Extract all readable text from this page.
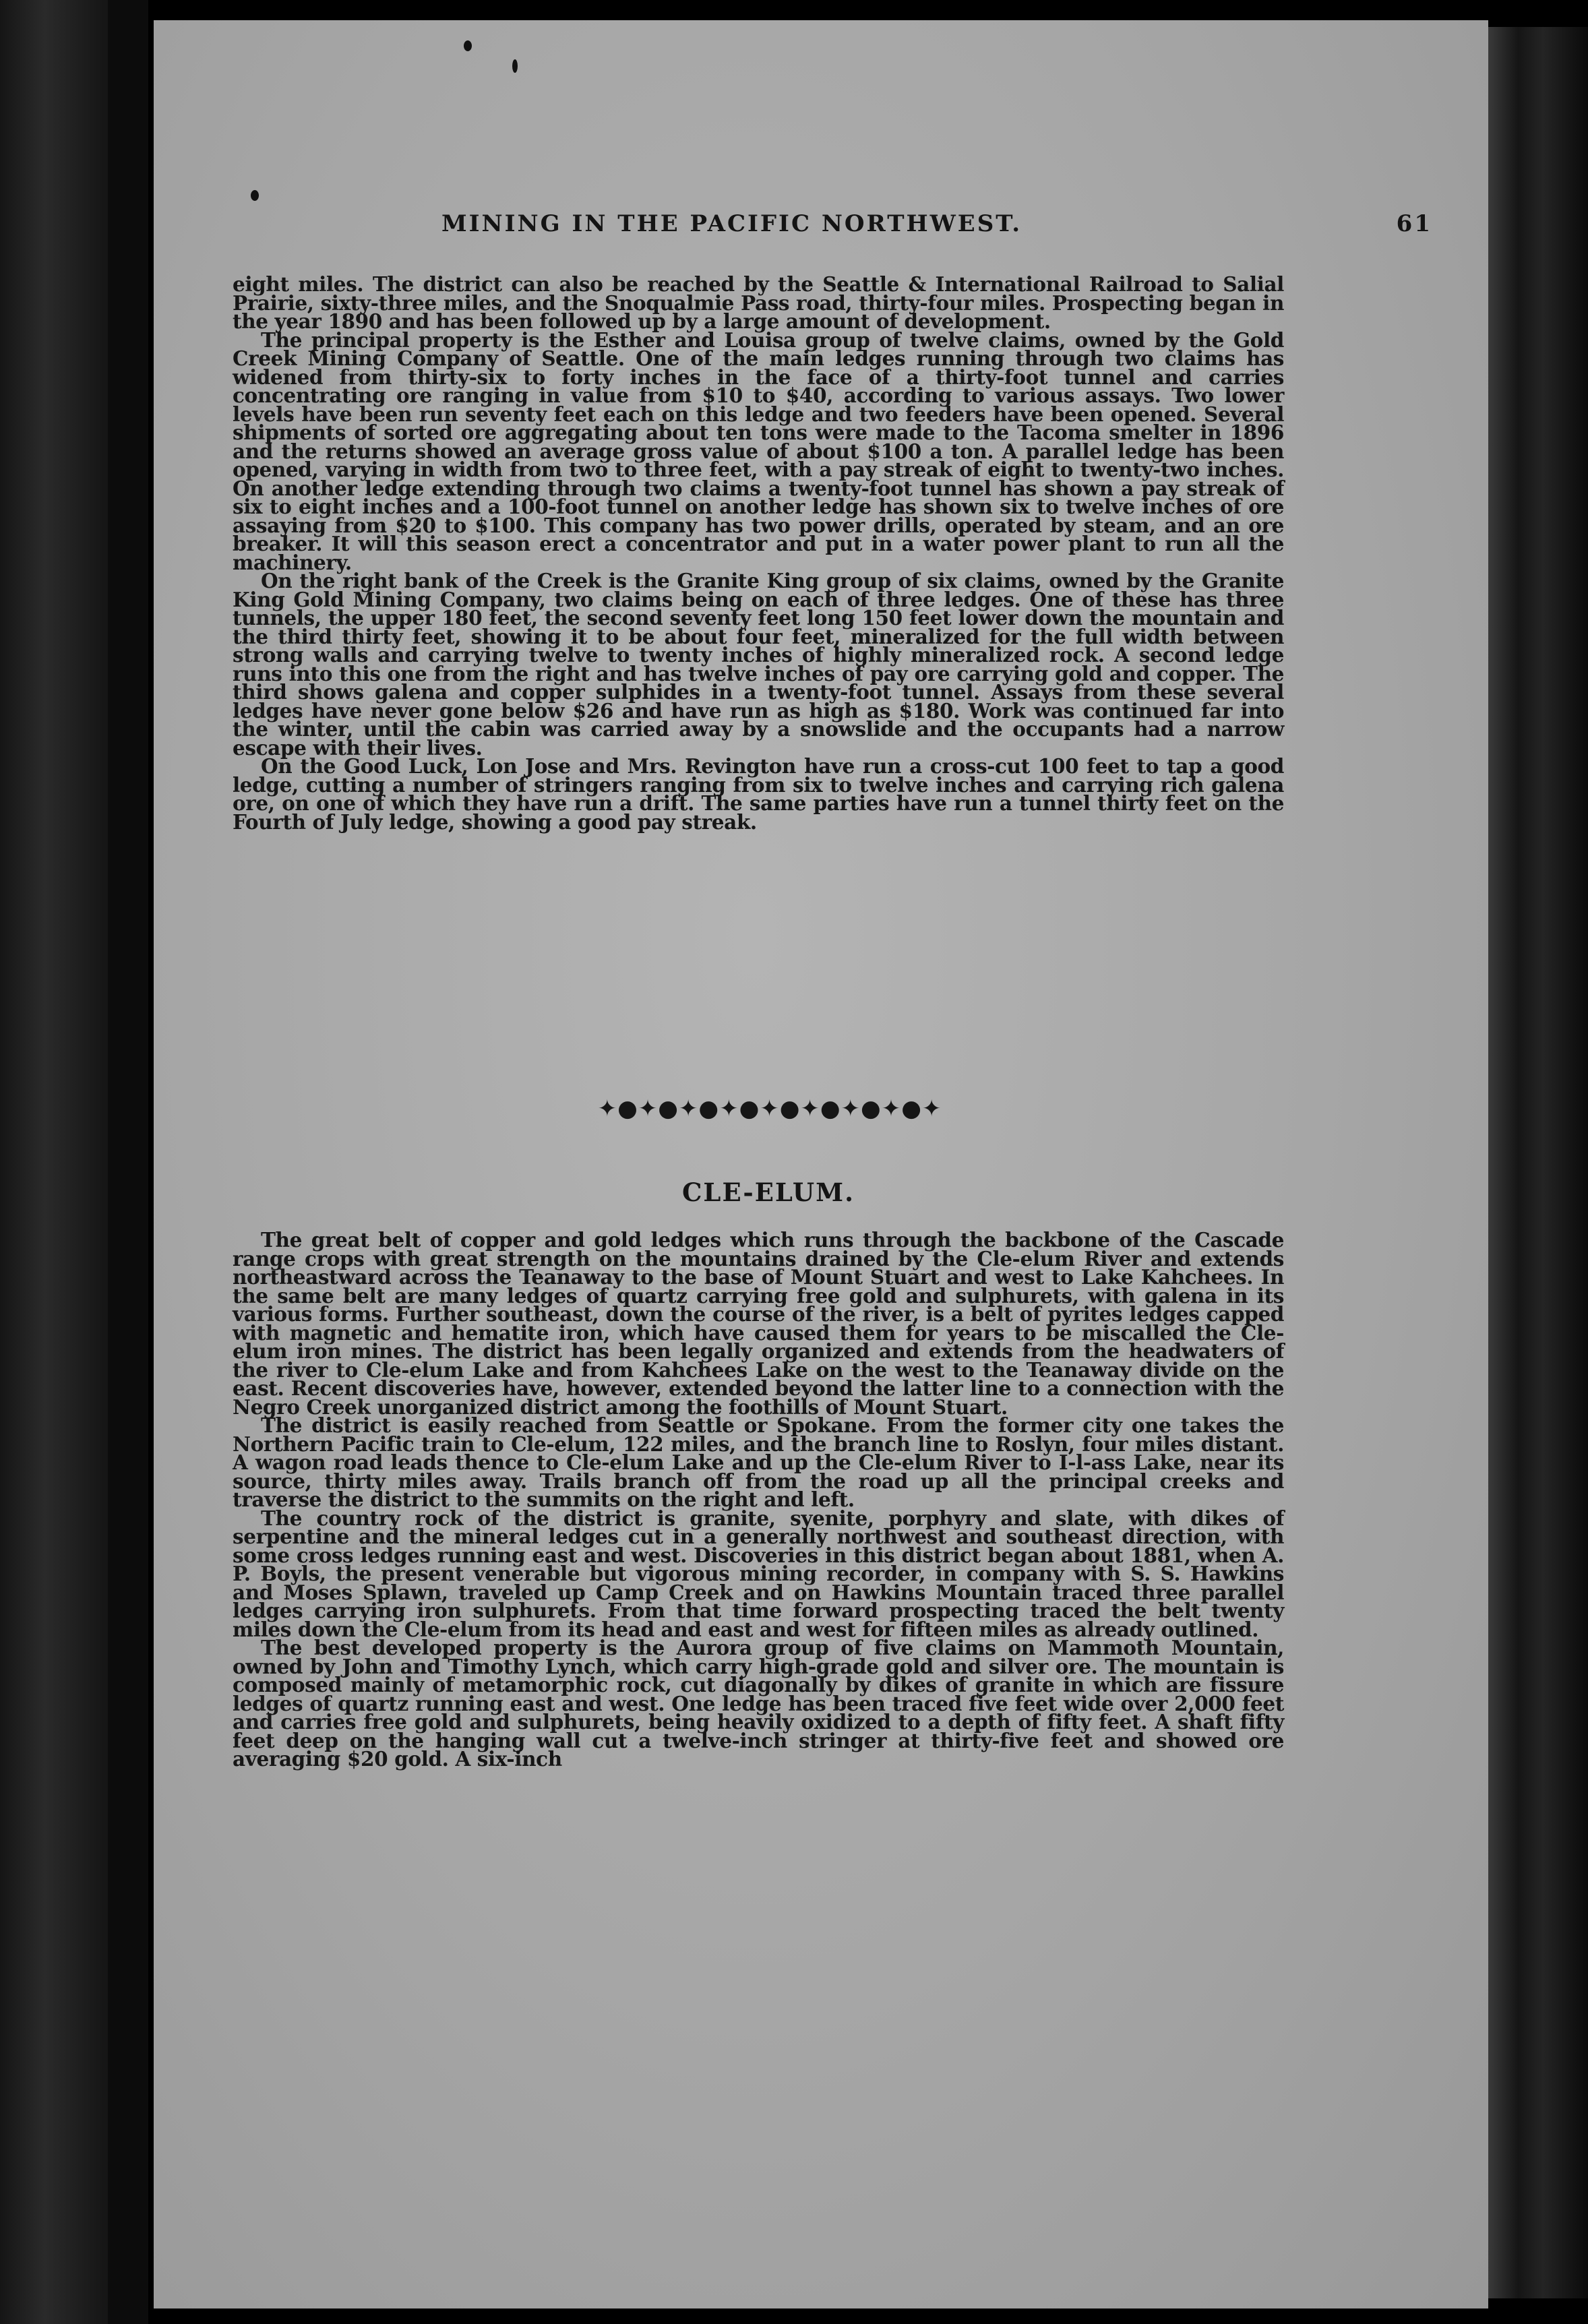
MINING IN THE PACIFIC NORTHWEST.	61

eight miles. The district can also be reached by the Seattle & International Railroad to Salial Prairie, sixty-three miles, and the Snoqualmie Pass road, thirty-four miles. Prospecting began in the year 1890 and has been followed up by a large amount of development.

The principal property is the Esther and Louisa group of twelve claims, owned by the Gold Creek Mining Company of Seattle. One of the main ledges running through two claims has widened from thirty-six to forty inches in the face of a thirty-foot tunnel and carries concentrating ore ranging in value from $10 to $40, according to various assays. Two lower levels have been run seventy feet each on this ledge and two feeders have been opened. Several shipments of sorted ore aggregating about ten tons were made to the Tacoma smelter in 1896 and the returns showed an average gross value of about $100 a ton. A parallel ledge has been opened, varying in width from two to three feet, with a pay streak of eight to twenty-two inches. On another ledge extending through two claims a twenty-foot tunnel has shown a pay streak of six to eight inches and a 100-foot tunnel on another ledge has shown six to twelve inches of ore assaying from $20 to $100. This company has two power drills, operated by steam, and an ore breaker. It will this season erect a concentrator and put in a water power plant to run all the machinery.

On the right bank of the Creek is the Granite King group of six claims, owned by the Granite King Gold Mining Company, two claims being on each of three ledges. One of these has three tunnels, the upper 180 feet, the second seventy feet long 150 feet lower down the mountain and the third thirty feet, showing it to be about four feet, mineralized for the full width between strong walls and carrying twelve to twenty inches of highly mineralized rock. A second ledge runs into this one from the right and has twelve inches of pay ore carrying gold and copper. The third shows galena and copper sulphides in a twenty-foot tunnel. Assays from these several ledges have never gone below $26 and have run as high as $180. Work was continued far into the winter, until the cabin was carried away by a snowslide and the occupants had a narrow escape with their lives.

On the Good Luck, Lon Jose and Mrs. Revington have run a cross-cut 100 feet to tap a good ledge, cutting a number of stringers ranging from six to twelve inches and carrying rich galena ore, on one of which they have run a drift. The same parties have run a tunnel thirty feet on the Fourth of July ledge, showing a good pay streak.

✦●✦●✦●✦●✦●✦●✦●✦●✦
CLE-ELUM.

The great belt of copper and gold ledges which runs through the backbone of the Cascade range crops with great strength on the mountains drained by the Cle-elum River and extends northeastward across the Teanaway to the base of Mount Stuart and west to Lake Kahchees. In the same belt are many ledges of quartz carrying free gold and sulphurets, with galena in its various forms. Further southeast, down the course of the river, is a belt of pyrites ledges capped with magnetic and hematite iron, which have caused them for years to be miscalled the Cle-elum iron mines. The district has been legally organized and extends from the headwaters of the river to Cle-elum Lake and from Kahchees Lake on the west to the Teanaway divide on the east. Recent discoveries have, however, extended beyond the latter line to a connection with the Negro Creek unorganized district among the foothills of Mount Stuart.

The district is easily reached from Seattle or Spokane. From the former city one takes the Northern Pacific train to Cle-elum, 122 miles, and the branch line to Roslyn, four miles distant. A wagon road leads thence to Cle-elum Lake and up the Cle-elum River to I-l-ass Lake, near its source, thirty miles away. Trails branch off from the road up all the principal creeks and traverse the district to the summits on the right and left.

The country rock of the district is granite, syenite, porphyry and slate, with dikes of serpentine and the mineral ledges cut in a generally northwest and southeast direction, with some cross ledges running east and west. Discoveries in this district began about 1881, when A. P. Boyls, the present venerable but vigorous mining recorder, in company with S. S. Hawkins and Moses Splawn, traveled up Camp Creek and on Hawkins Mountain traced three parallel ledges carrying iron sulphurets. From that time forward prospecting traced the belt twenty miles down the Cle-elum from its head and east and west for fifteen miles as already outlined.

The best developed property is the Aurora group of five claims on Mammoth Mountain, owned by John and Timothy Lynch, which carry high-grade gold and silver ore. The mountain is composed mainly of metamorphic rock, cut diagonally by dikes of granite in which are fissure ledges of quartz running east and west. One ledge has been traced five feet wide over 2,000 feet and carries free gold and sulphurets, being heavily oxidized to a depth of fifty feet. A shaft fifty feet deep on the hanging wall cut a twelve-inch stringer at thirty-five feet and showed ore averaging $20 gold. A six-inch
